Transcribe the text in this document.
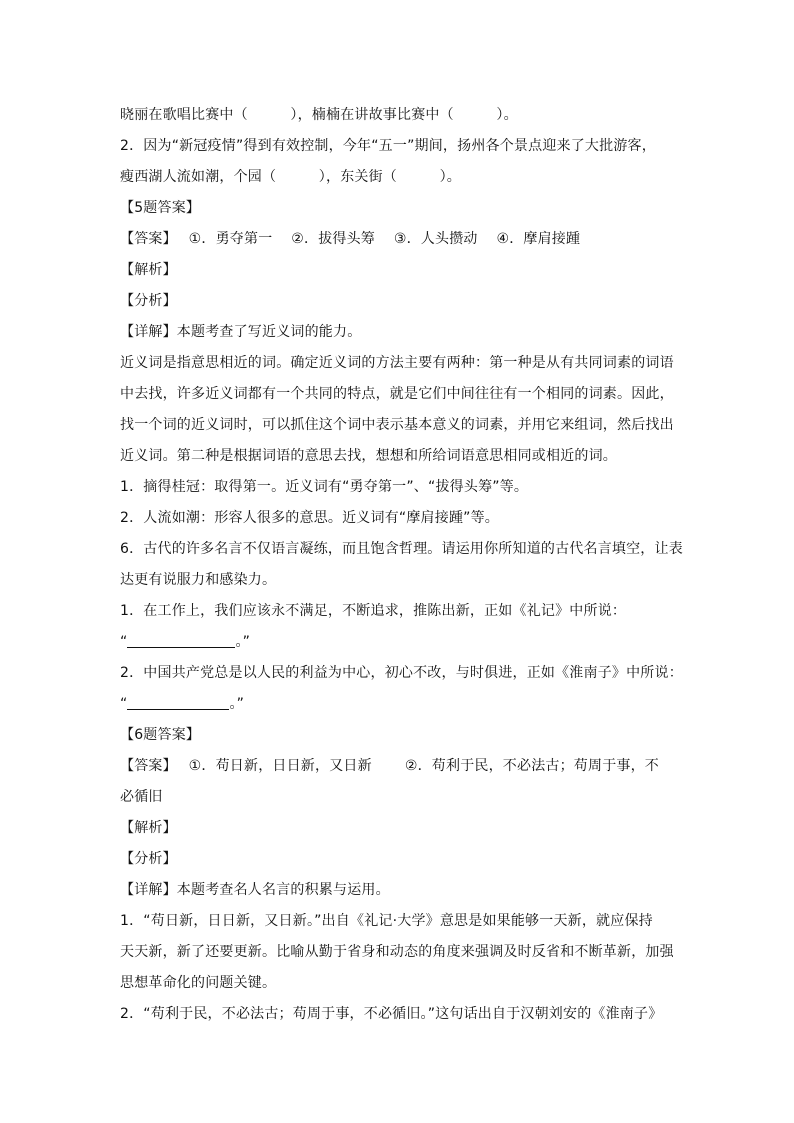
晓丽在歌唱比赛中（　　　），楠楠在讲故事比赛中（　　　）。
2．因为“新冠疫情”得到有效控制，今年“五一”期间，扬州各个景点迎来了大批游客，
瘦西湖人流如潮，个园（　　　），东关街（　　　）。
【5题答案】
【答案】　 ①．勇夺第一　 ②．拔得头筹　 ③．人头攒动　 ④．摩肩接踵
【解析】
【分析】
【详解】本题考查了写近义词的能力。
近义词是指意思相近的词。确定近义词的方法主要有两种：第一种是从有共同词素的词语
中去找，许多近义词都有一个共同的特点，就是它们中间往往有一个相同的词素。因此，
找一个词的近义词时，可以抓住这个词中表示基本意义的词素，并用它来组词，然后找出
近义词。第二种是根据词语的意思去找，想想和所给词语意思相同或相近的词。
1．摘得桂冠：取得第一。近义词有“勇夺第一”、“拔得头筹”等。
2．人流如潮：形容人很多的意思。近义词有“摩肩接踵”等。
6．古代的许多名言不仅语言凝练，而且饱含哲理。请运用你所知道的古代名言填空，让表
达更有说服力和感染力。
1．在工作上，我们应该永不满足，不断追求，推陈出新，正如《礼记》中所说：
“	。”
2．中国共产党总是以人民的利益为中心，初心不改，与时俱进，正如《淮南子》中所说：
“	。”
【6题答案】
【答案】　 ①．苟日新，日日新，又日新　　 ②．苟利于民，不必法古；苟周于事，不
必循旧
【解析】
【分析】
【详解】本题考查名人名言的积累与运用。
1．“苟日新，日日新，又日新。”出自《礼记·大学》意思是如果能够一天新，就应保持
天天新，新了还要更新。比喻从勤于省身和动态的角度来强调及时反省和不断革新，加强
思想革命化的问题关键。
2．“苟利于民，不必法古；苟周于事，不必循旧。”这句话出自于汉朝刘安的《淮南子》
